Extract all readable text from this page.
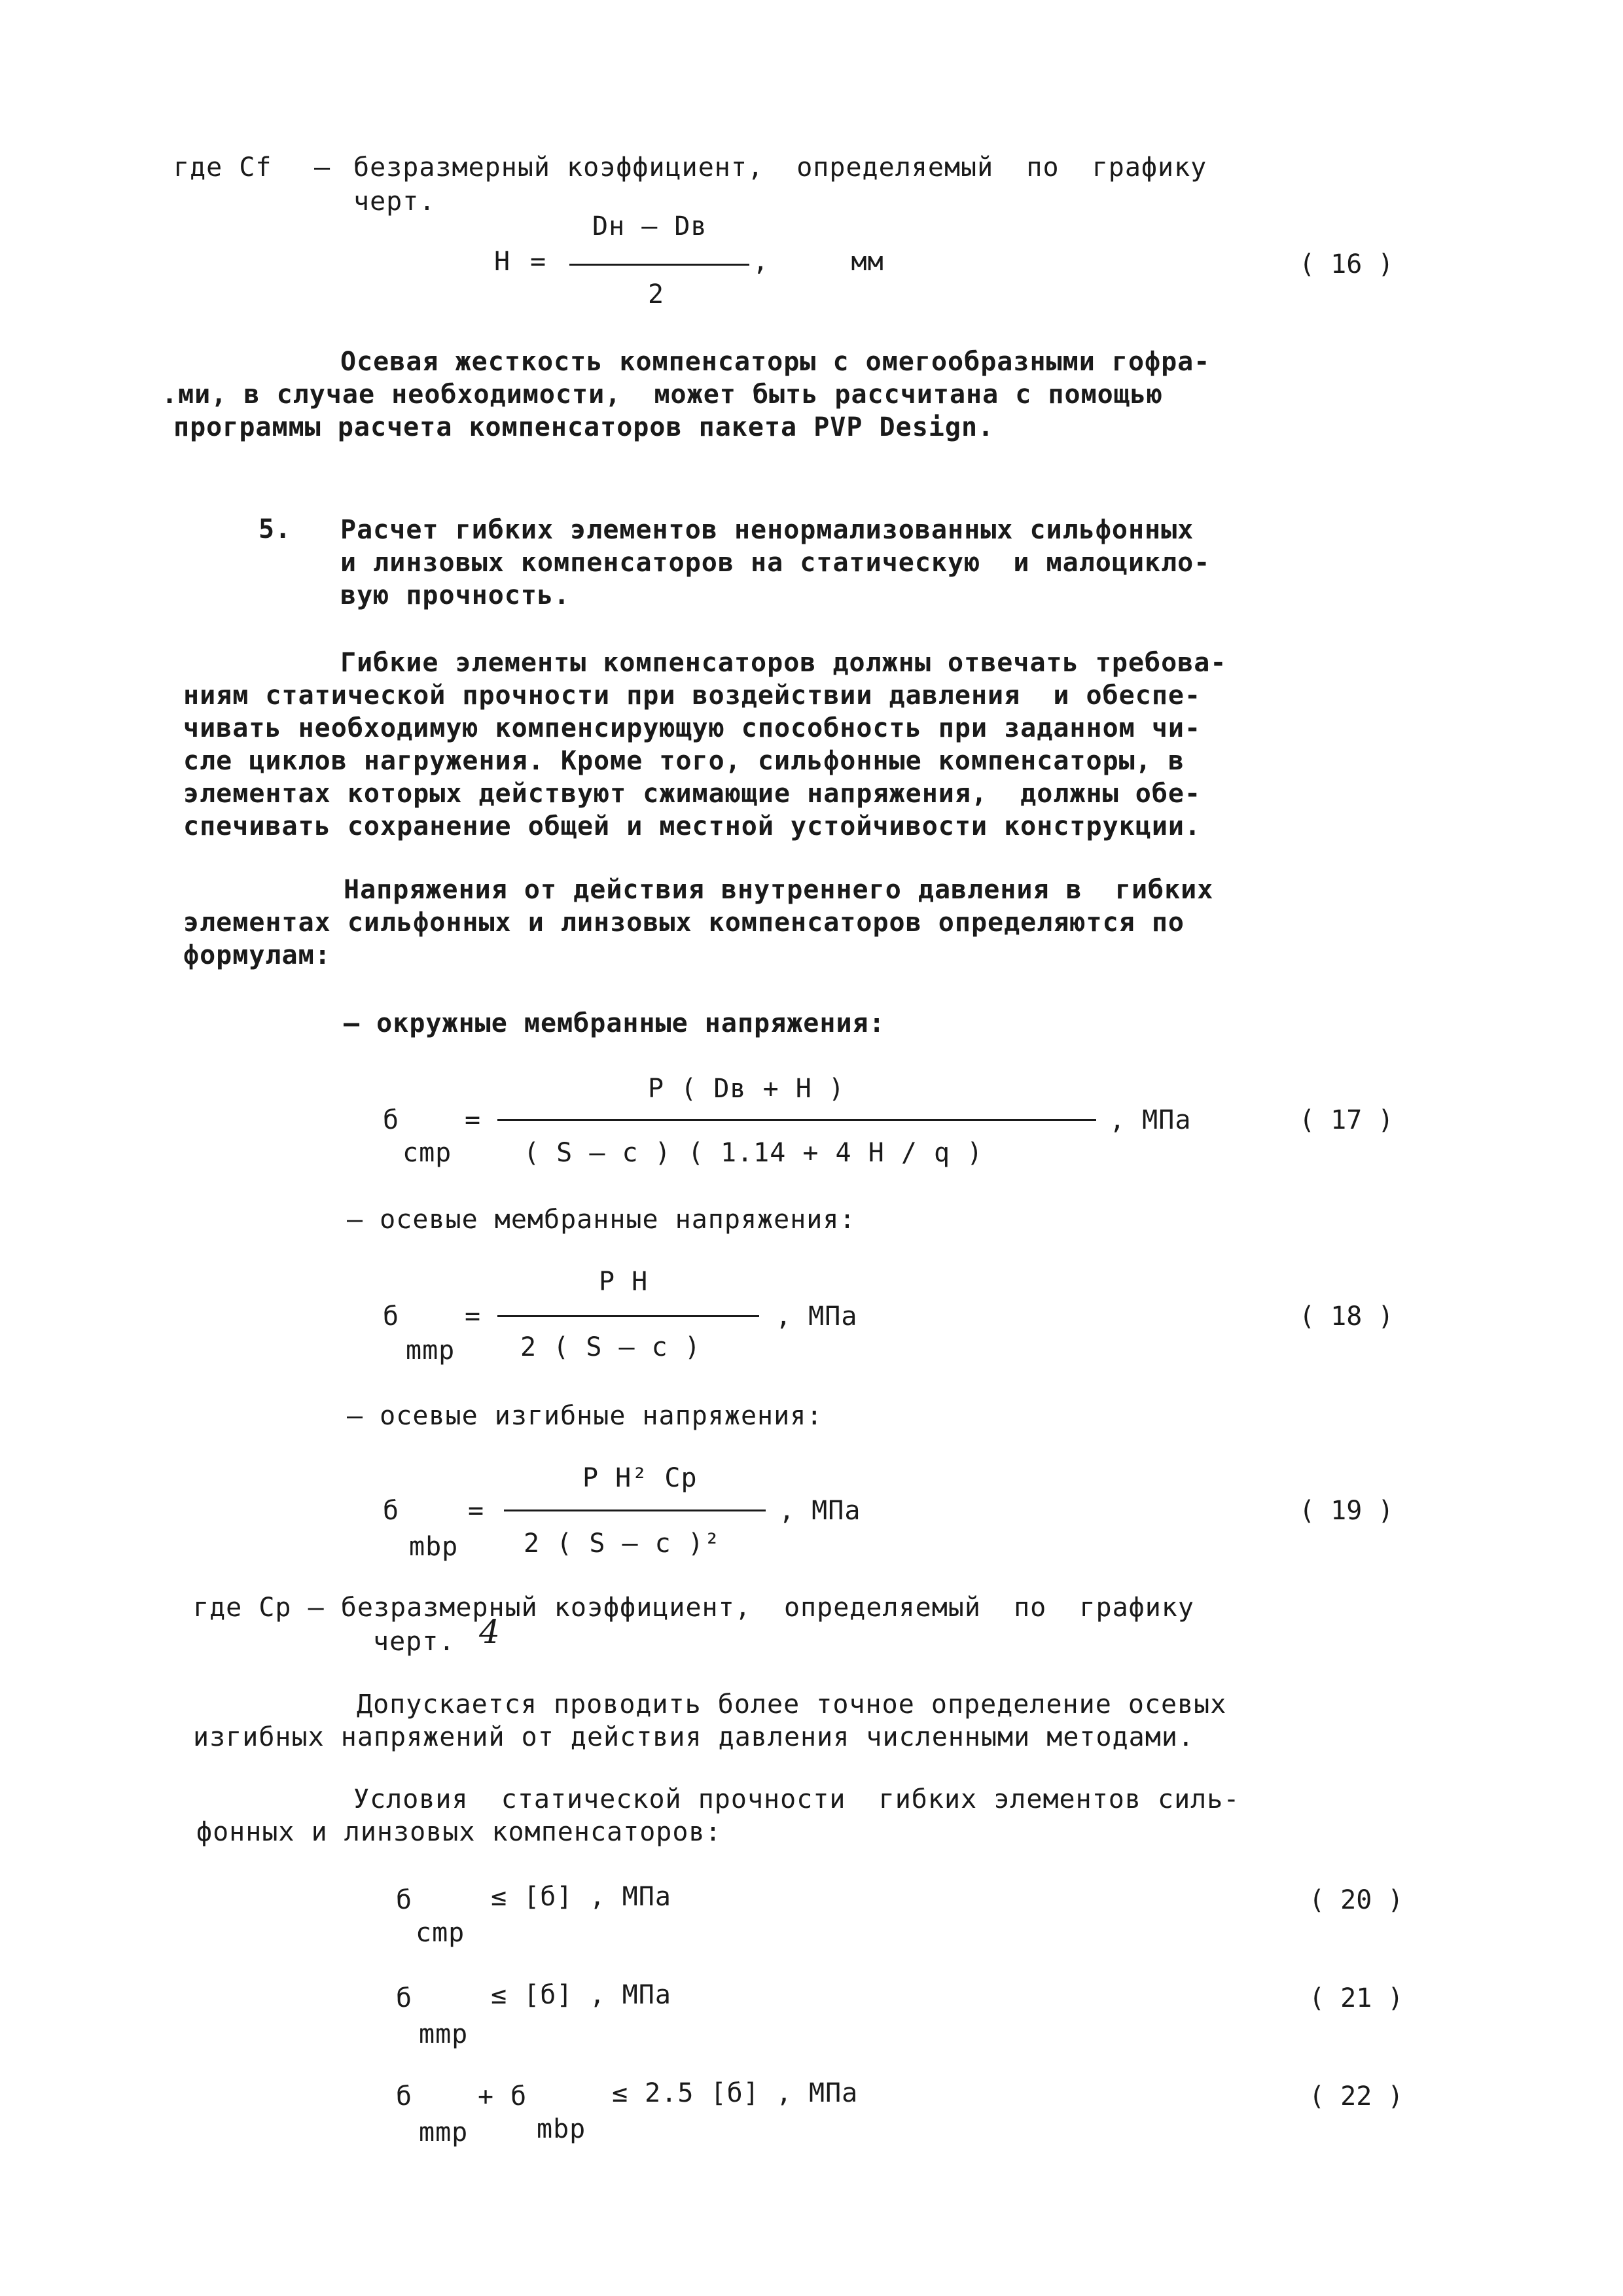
где Cf – безразмерный коэффициент,  определяемый  по  графику
черт.
H =
Dн – Dв
2
,     мм	( 16 )
Осевая жесткость компенсаторы с омегообразными гофра-
.ми, в случае необходимости,  может быть рассчитана с помощью
программы расчета компенсаторов пакета PVP Design.
5. Расчет гибких элементов ненормализованных сильфонных
и линзовых компенсаторов на статическую  и малоцикло-
вую прочность.
Гибкие элементы компенсаторов должны отвечать требова-
ниям статической прочности при воздействии давления  и обеспе-
чивать необходимую компенсирующую способность при заданном чи-
сле циклов нагружения. Кроме того, сильфонные компенсаторы, в
элементах которых действуют сжимающие напряжения,  должны обе-
спечивать сохранение общей и местной устойчивости конструкции.
Напряжения от действия внутреннего давления в  гибких
элементах сильфонных и линзовых компенсаторов определяются по
формулам:
– окружные мембранные напряжения:
P ( Dв + H )
б =	, МПа	( 17 )
cmp	( S – c ) ( 1.14 + 4 H / q )
– осевые мембранные напряжения:
P H
б =	, МПа	( 18 )
mmp 2 ( S – c )
– осевые изгибные напряжения:
P H² Cp
б	=	, МПа	( 19 )
mbp 2 ( S – c )²
где Cp – безразмерный коэффициент,  определяемый  по  графику
черт. 4
Допускается проводить более точное определение осевых
изгибных напряжений от действия давления численными методами.
Условия  статической прочности  гибких элементов силь-
фонных и линзовых компенсаторов:
б	≤ [б] , МПа	( 20 )
cmp
б	≤ [б] , МПа	( 21 )
mmp
б + б	≤ 2.5 [б] , МПа	( 22 )
mmp	mbp
